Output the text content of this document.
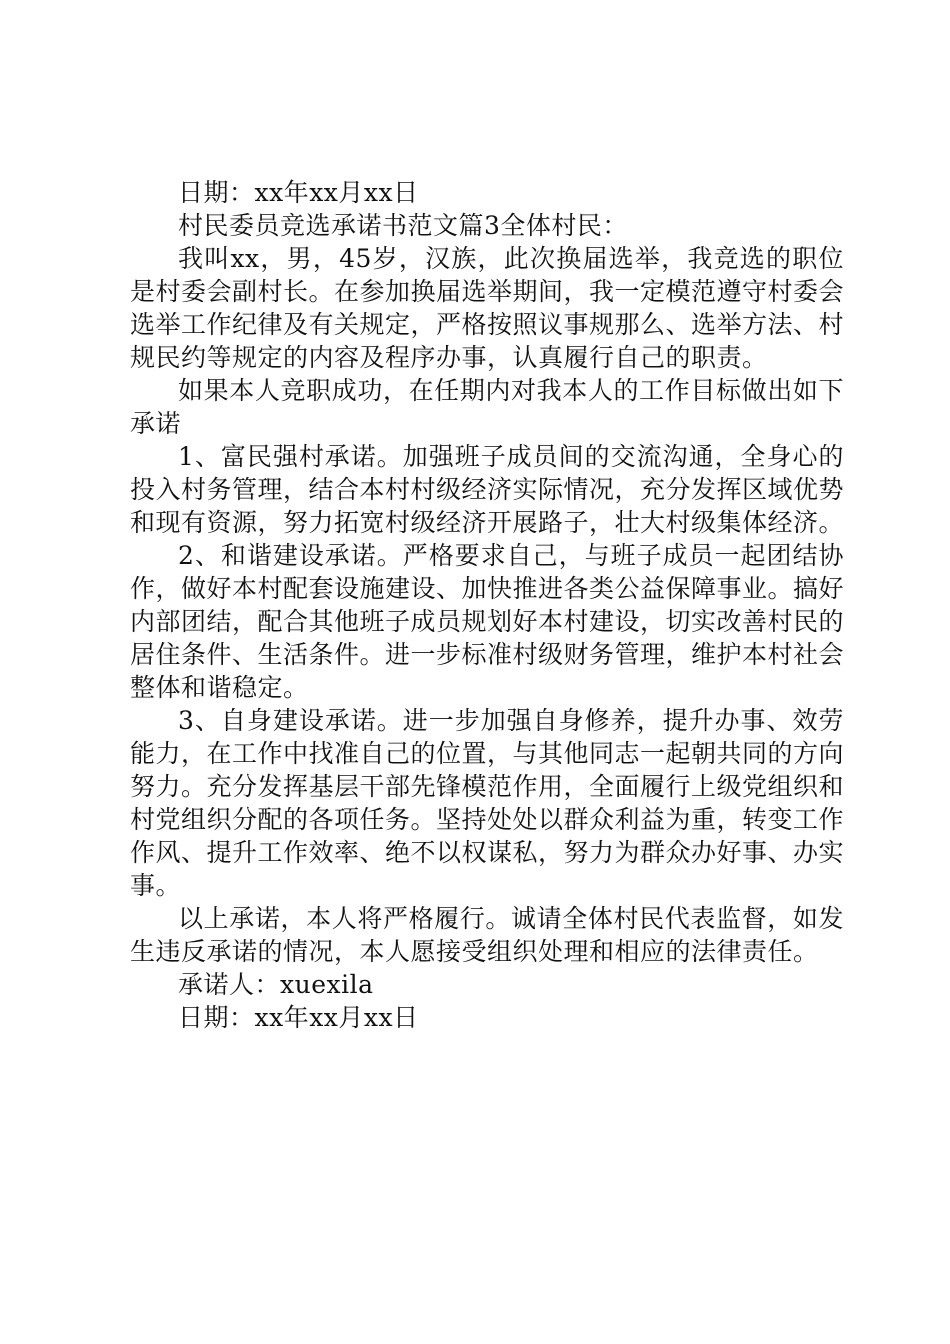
日期：xx年xx月xx日

村民委员竞选承诺书范文篇3全体村民：

我叫xx，男，45岁，汉族，此次换届选举，我竞选的职位是村委会副村长。在参加换届选举期间，我一定模范遵守村委会选举工作纪律及有关规定，严格按照议事规那么、选举方法、村规民约等规定的内容及程序办事，认真履行自己的职责。

如果本人竞职成功，在任期内对我本人的工作目标做出如下承诺

1、富民强村承诺。加强班子成员间的交流沟通，全身心的投入村务管理，结合本村村级经济实际情况，充分发挥区域优势和现有资源，努力拓宽村级经济开展路子，壮大村级集体经济。

2、和谐建设承诺。严格要求自己，与班子成员一起团结协作，做好本村配套设施建设、加快推进各类公益保障事业。搞好内部团结，配合其他班子成员规划好本村建设，切实改善村民的居住条件、生活条件。进一步标准村级财务管理，维护本村社会整体和谐稳定。

3、自身建设承诺。进一步加强自身修养，提升办事、效劳能力，在工作中找准自己的位置，与其他同志一起朝共同的方向努力。充分发挥基层干部先锋模范作用，全面履行上级党组织和村党组织分配的各项任务。坚持处处以群众利益为重，转变工作作风、提升工作效率、绝不以权谋私，努力为群众办好事、办实事。

以上承诺，本人将严格履行。诚请全体村民代表监督，如发生违反承诺的情况，本人愿接受组织处理和相应的法律责任。

承诺人：xuexila

日期：xx年xx月xx日
